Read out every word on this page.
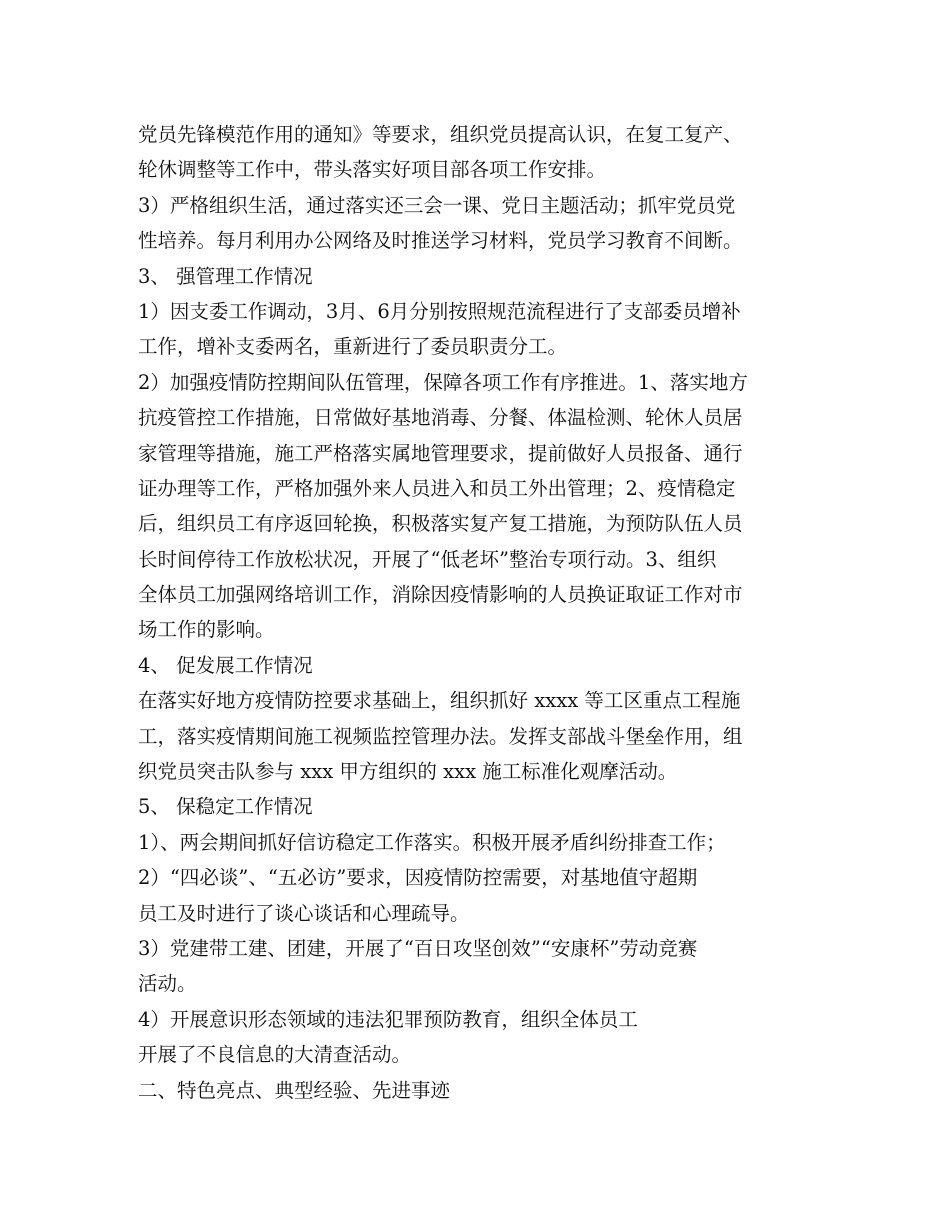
党员先锋模范作用的通知》等要求，组织党员提高认识，在复工复产、
轮休调整等工作中，带头落实好项目部各项工作安排。
3）严格组织生活，通过落实还三会一课、党日主题活动；抓牢党员党
性培养。每月利用办公网络及时推送学习材料，党员学习教育不间断。
3、 强管理工作情况
1）因支委工作调动，3月、6月分别按照规范流程进行了支部委员增补
工作，增补支委两名，重新进行了委员职责分工。
2）加强疫情防控期间队伍管理，保障各项工作有序推进。1、落实地方
抗疫管控工作措施，日常做好基地消毒、分餐、体温检测、轮休人员居
家管理等措施，施工严格落实属地管理要求，提前做好人员报备、通行
证办理等工作，严格加强外来人员进入和员工外出管理；2、疫情稳定
后，组织员工有序返回轮换，积极落实复产复工措施，为预防队伍人员
长时间停待工作放松状况，开展了“低老坏”整治专项行动。3、组织
全体员工加强网络培训工作，消除因疫情影响的人员换证取证工作对市
场工作的影响。
4、 促发展工作情况
在落实好地方疫情防控要求基础上，组织抓好 xxxx 等工区重点工程施
工，落实疫情期间施工视频监控管理办法。发挥支部战斗堡垒作用，组
织党员突击队参与 xxx 甲方组织的 xxx 施工标准化观摩活动。
5、 保稳定工作情况
1）、两会期间抓好信访稳定工作落实。积极开展矛盾纠纷排查工作；
2）“四必谈”、“五必访”要求，因疫情防控需要，对基地值守超期
员工及时进行了谈心谈话和心理疏导。
3）党建带工建、团建，开展了“百日攻坚创效”“安康杯”劳动竞赛
活动。
4）开展意识形态领域的违法犯罪预防教育，组织全体员工
开展了不良信息的大清查活动。
二、特色亮点、典型经验、先进事迹
